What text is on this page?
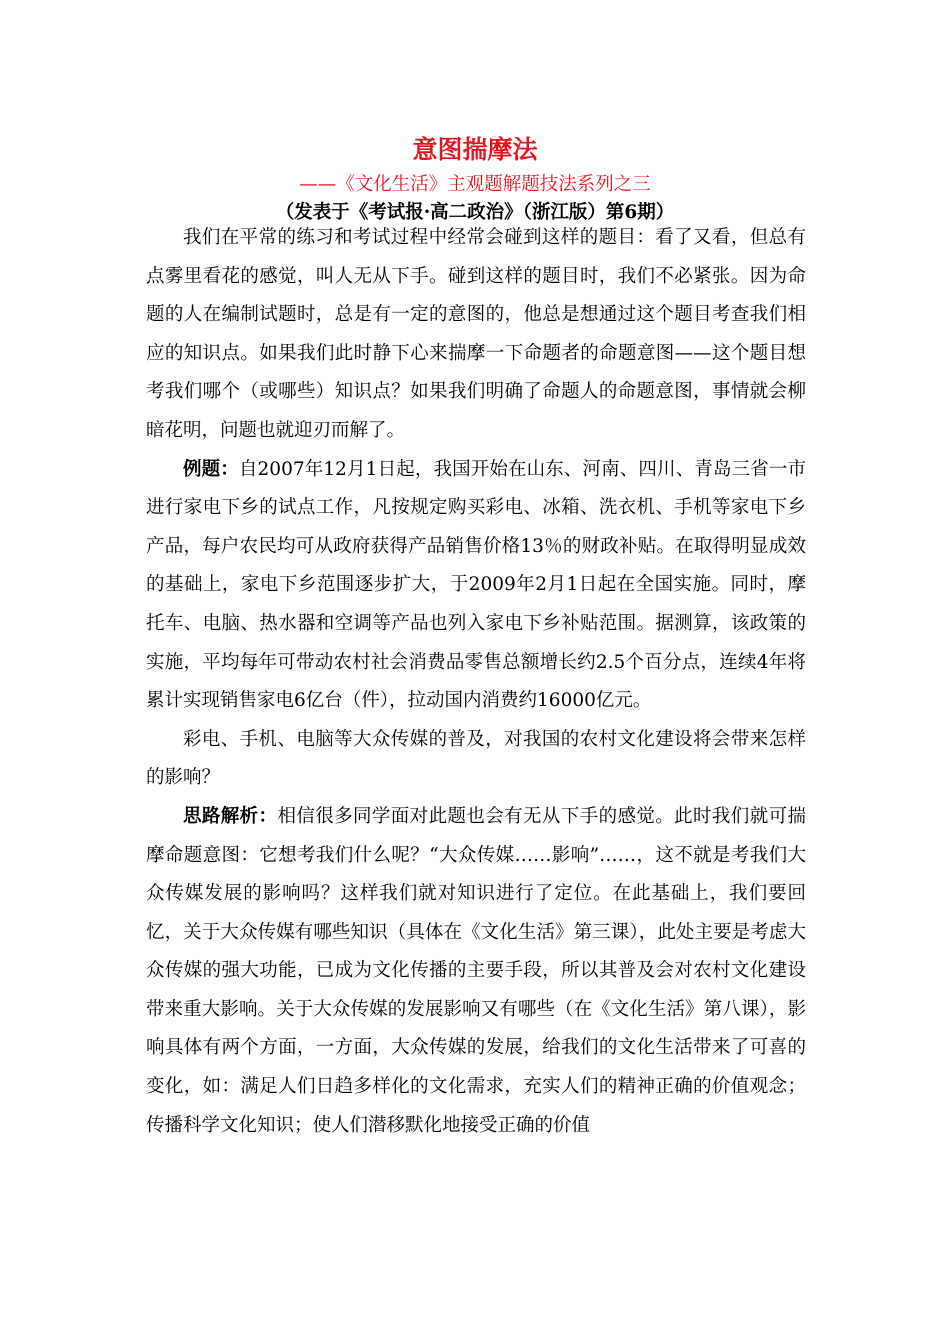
意图揣摩法
——《文化生活》主观题解题技法系列之三
（发表于《考试报·高二政治》（浙江版）第6期）

我们在平常的练习和考试过程中经常会碰到这样的题目：看了又看，但总有点雾里看花的感觉，叫人无从下手。碰到这样的题目时，我们不必紧张。因为命题的人在编制试题时，总是有一定的意图的，他总是想通过这个题目考查我们相应的知识点。如果我们此时静下心来揣摩一下命题者的命题意图——这个题目想考我们哪个（或哪些）知识点？如果我们明确了命题人的命题意图，事情就会柳暗花明，问题也就迎刃而解了。

例题：自2007年12月1日起，我国开始在山东、河南、四川、青岛三省一市进行家电下乡的试点工作，凡按规定购买彩电、冰箱、洗衣机、手机等家电下乡产品，每户农民均可从政府获得产品销售价格13％的财政补贴。在取得明显成效的基础上，家电下乡范围逐步扩大，于2009年2月1日起在全国实施。同时，摩托车、电脑、热水器和空调等产品也列入家电下乡补贴范围。据测算，该政策的实施，平均每年可带动农村社会消费品零售总额增长约2.5个百分点，连续4年将累计实现销售家电6亿台（件），拉动国内消费约16000亿元。

彩电、手机、电脑等大众传媒的普及，对我国的农村文化建设将会带来怎样的影响？

思路解析：相信很多同学面对此题也会有无从下手的感觉。此时我们就可揣摩命题意图：它想考我们什么呢？“大众传媒……影响”……，这不就是考我们大众传媒发展的影响吗？这样我们就对知识进行了定位。在此基础上，我们要回忆，关于大众传媒有哪些知识（具体在《文化生活》第三课），此处主要是考虑大众传媒的强大功能，已成为文化传播的主要手段，所以其普及会对农村文化建设带来重大影响。关于大众传媒的发展影响又有哪些（在《文化生活》第八课），影响具体有两个方面，一方面，大众传媒的发展，给我们的文化生活带来了可喜的变化，如：满足人们日趋多样化的文化需求，充实人们的精神正确的价值观念；传播科学文化知识；使人们潜移默化地接受正确的价值
